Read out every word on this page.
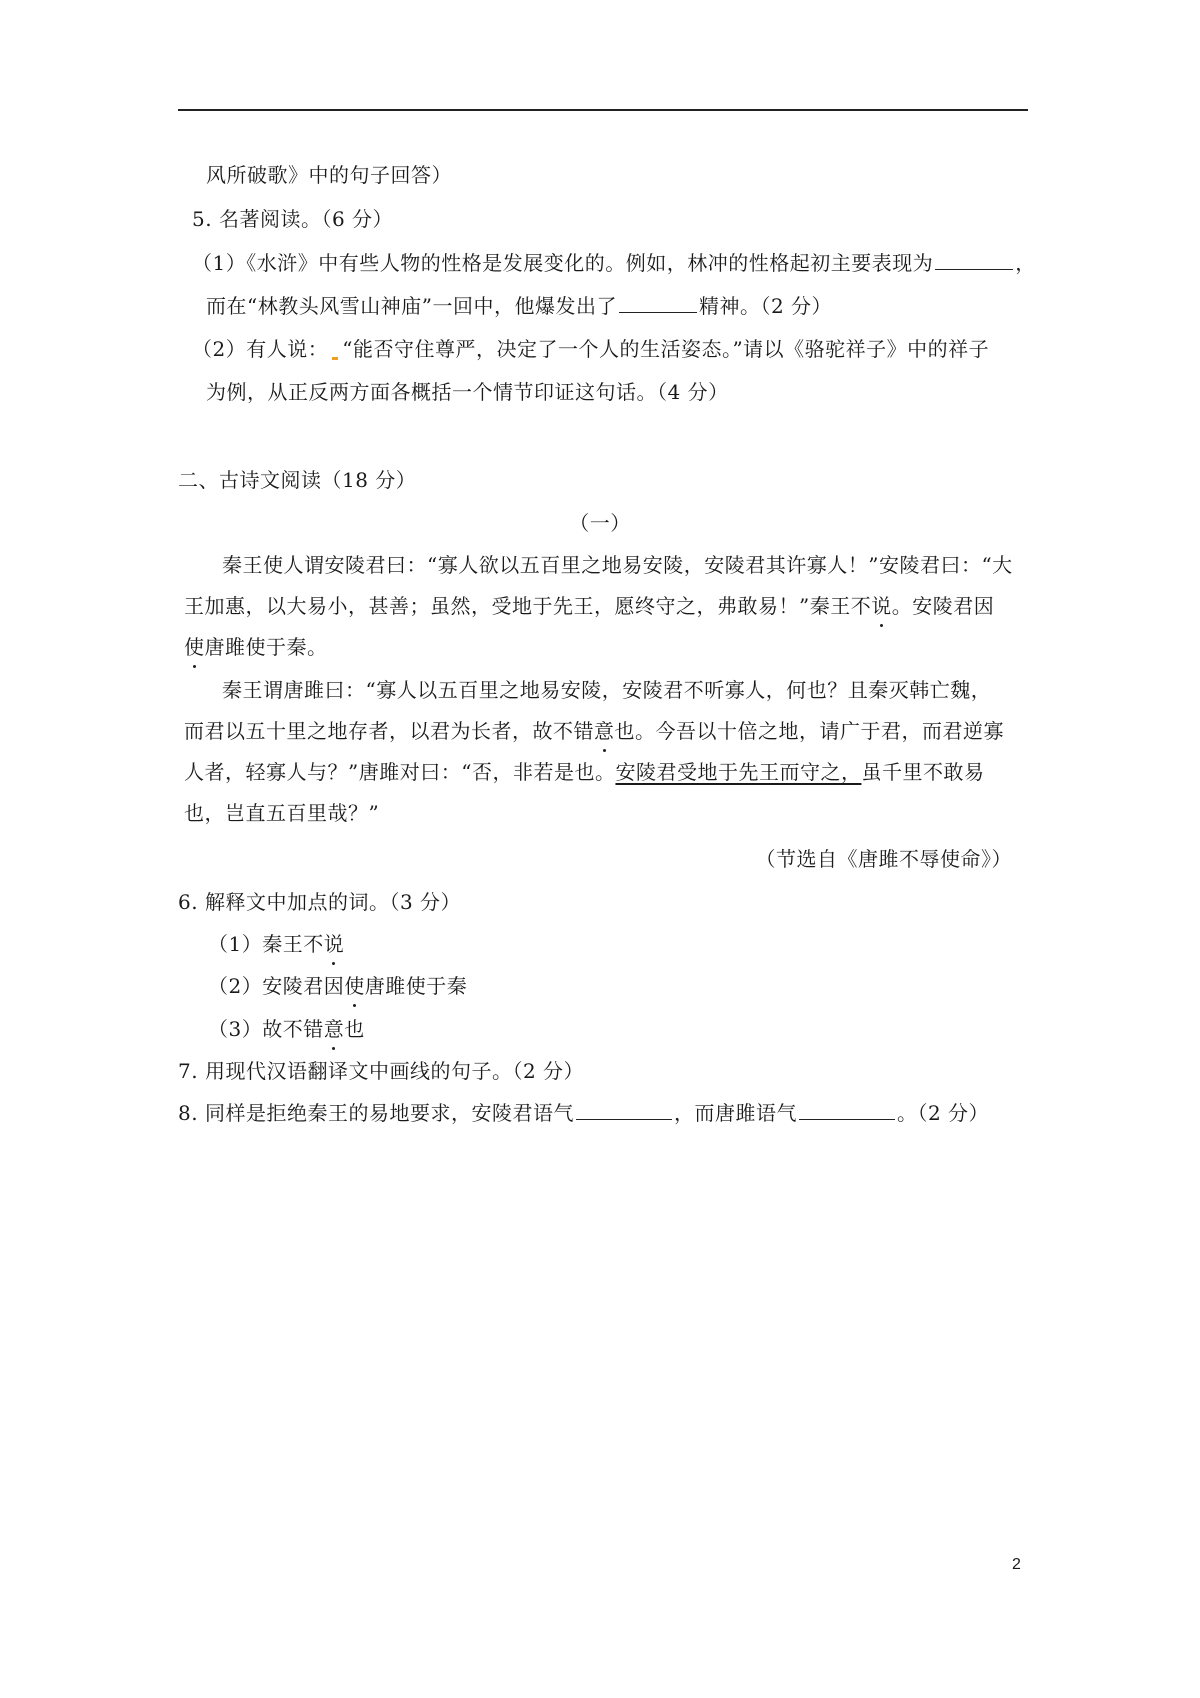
风所破歌》中的句子回答）
5. 名著阅读。（6 分）
（1）《水浒》中有些人物的性格是发展变化的。例如，林冲的性格起初主要表现为	，
而在“林教头风雪山神庙”一回中，他爆发出了	精神。（2 分）
（2）有人说： “能否守住尊严，决定了一个人的生活姿态。”请以《骆驼祥子》中的祥子
为例，从正反两方面各概括一个情节印证这句话。（4 分）
二、古诗文阅读（18 分）
（一）
秦王使人谓安陵君曰：“寡人欲以五百里之地易安陵，安陵君其许寡人！”安陵君曰：“大
王加惠，以大易小，甚善；虽然，受地于先王，愿终守之，弗敢易！”秦王不说。安陵君因
使唐雎使于秦。
秦王谓唐雎曰：“寡人以五百里之地易安陵，安陵君不听寡人，何也？且秦灭韩亡魏，
而君以五十里之地存者，以君为长者，故不错意也。今吾以十倍之地，请广于君，而君逆寡
人者，轻寡人与？”唐雎对曰：“否，非若是也。安陵君受地于先王而守之，虽千里不敢易
也，岂直五百里哉？”
（节选自《唐雎不辱使命》）
6. 解释文中加点的词。（3 分）
（1）秦王不说
（2）安陵君因使唐雎使于秦
（3）故不错意也
7. 用现代汉语翻译文中画线的句子。（2 分）
8. 同样是拒绝秦王的易地要求，安陵君语气	，而唐雎语气	。（2 分）
2
